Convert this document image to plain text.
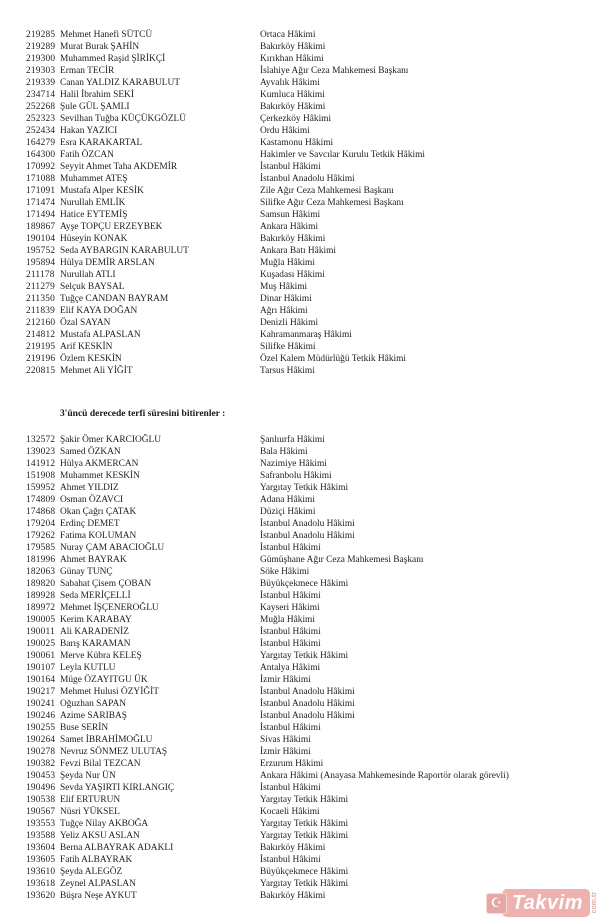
219285 Mehmet Hanefi SÜTCÜ	Ortaca Hâkimi
219289 Murat Burak ŞAHİN	Bakırköy Hâkimi
219300 Muhammed Raşid ŞİRİKÇİ	Kırıkhan Hâkimi
219303 Erman TECİR	İslahiye Ağır Ceza Mahkemesi Başkanı
219339 Canan YALDIZ KARABULUT	Ayvalık Hâkimi
234714 Halil İbrahim SEKİ	Kumluca Hâkimi
252268 Şule GÜL ŞAMLI	Bakırköy Hâkimi
252323 Sevilhan Tuğba KÜÇÜKGÖZLÜ	Çerkezköy Hâkimi
252434 Hakan YAZICI	Ordu Hâkimi
164279 Esra KARAKARTAL	Kastamonu Hâkimi
164300 Fatih ÖZCAN	Hakimler ve Savcılar Kurulu Tetkik Hâkimi
170992 Seyyit Ahmet Taha AKDEMİR	İstanbul Hâkimi
171088 Muhammet ATEŞ	İstanbul Anadolu Hâkimi
171091 Mustafa Alper KESİK	Zile Ağır Ceza Mahkemesi Başkanı
171474 Nurullah EMLİK	Silifke Ağır Ceza Mahkemesi Başkanı
171494 Hatice EYTEMİŞ	Samsun Hâkimi
189867 Ayşe TOPÇU ERZEYBEK	Ankara Hâkimi
190104 Hüseyin KONAK	Bakırköy Hâkimi
195752 Seda AYBARGIN KARABULUT	Ankara Batı Hâkimi
195894 Hülya DEMİR ARSLAN	Muğla Hâkimi
211178 Nurullah ATLI	Kuşadası Hâkimi
211279 Selçuk BAYSAL	Muş Hâkimi
211350 Tuğçe CANDAN BAYRAM	Dinar Hâkimi
211839 Elif KAYA DOĞAN	Ağrı Hâkimi
212160 Özal SAYAN	Denizli Hâkimi
214812 Mustafa ALPASLAN	Kahramanmaraş Hâkimi
219195 Arif KESKİN	Silifke Hâkimi
219196 Özlem KESKİN	Özel Kalem Müdürlüğü Tetkik Hâkimi
220815 Mehmet Ali YİĞİT	Tarsus Hâkimi
3'üncü derecede terfi süresini bitirenler :
132572 Şakir Ömer KARCIOĞLU	Şanlıurfa Hâkimi
139023 Samed ÖZKAN	Bala Hâkimi
141912 Hülya AKMERCAN	Nazimiye Hâkimi
151908 Muhammet KESKİN	Safranbolu Hâkimi
159952 Ahmet YILDIZ	Yargıtay Tetkik Hâkimi
174809 Osman ÖZAVCI	Adana Hâkimi
174868 Okan Çağrı ÇATAK	Düziçi Hâkimi
179204 Erdinç DEMET	İstanbul Anadolu Hâkimi
179262 Fatima KOLUMAN	İstanbul Anadolu Hâkimi
179585 Nuray ÇAM ABACIOĞLU	İstanbul Hâkimi
181996 Ahmet BAYRAK	Gümüşhane Ağır Ceza Mahkemesi Başkanı
182063 Günay TUNÇ	Söke Hâkimi
189820 Sabahat Çisem ÇOBAN	Büyükçekmece Hâkimi
189928 Seda MERİÇELLİ	İstanbul Hâkimi
189972 Mehmet İŞÇENEROĞLU	Kayseri Hâkimi
190005 Kerim KARABAY	Muğla Hâkimi
190011 Ali KARADENİZ	İstanbul Hâkimi
190025 Barış KARAMAN	İstanbul Hâkimi
190061 Merve Kübra KELEŞ	Yargıtay Tetkik Hâkimi
190107 Leyla KUTLU	Antalya Hâkimi
190164 Müge ÖZAYITGU ÜK	İzmir Hâkimi
190217 Mehmet Hulusi ÖZYİĞİT	İstanbul Anadolu Hâkimi
190241 Oğuzhan SAPAN	İstanbul Anadolu Hâkimi
190246 Azime SARIBAŞ	İstanbul Anadolu Hâkimi
190255 Buse SERİN	İstanbul Hâkimi
190264 Samet İBRAHİMOĞLU	Sivas Hâkimi
190278 Nevruz SÖNMEZ ULUTAŞ	İzmir Hâkimi
190382 Fevzi Bilal TEZCAN	Erzurum Hâkimi
190453 Şeyda Nur ÜN	Ankara Hâkimi (Anayasa Mahkemesinde Raportör olarak görevli)
190496 Sevda YAŞIRTI KIRLANGIÇ	İstanbul Hâkimi
190538 Elif ERTURUN	Yargıtay Tetkik Hâkimi
190567 Nüsri YÜKSEL	Kocaeli Hâkimi
193553 Tuğçe Nilay AKBOĞA	Yargıtay Tetkik Hâkimi
193588 Yeliz AKSU ASLAN	Yargıtay Tetkik Hâkimi
193604 Berna ALBAYRAK ADAKLI	Bakırköy Hâkimi
193605 Fatih ALBAYRAK	İstanbul Hâkimi
193610 Şeyda ALEGÖZ	Büyükçekmece Hâkimi
193618 Zeynel ALPASLAN	Yargıtay Tetkik Hâkimi
193620 Büşra Neşe AYKUT	Bakırköy Hâkimi	☪ Takvim	com.tr
